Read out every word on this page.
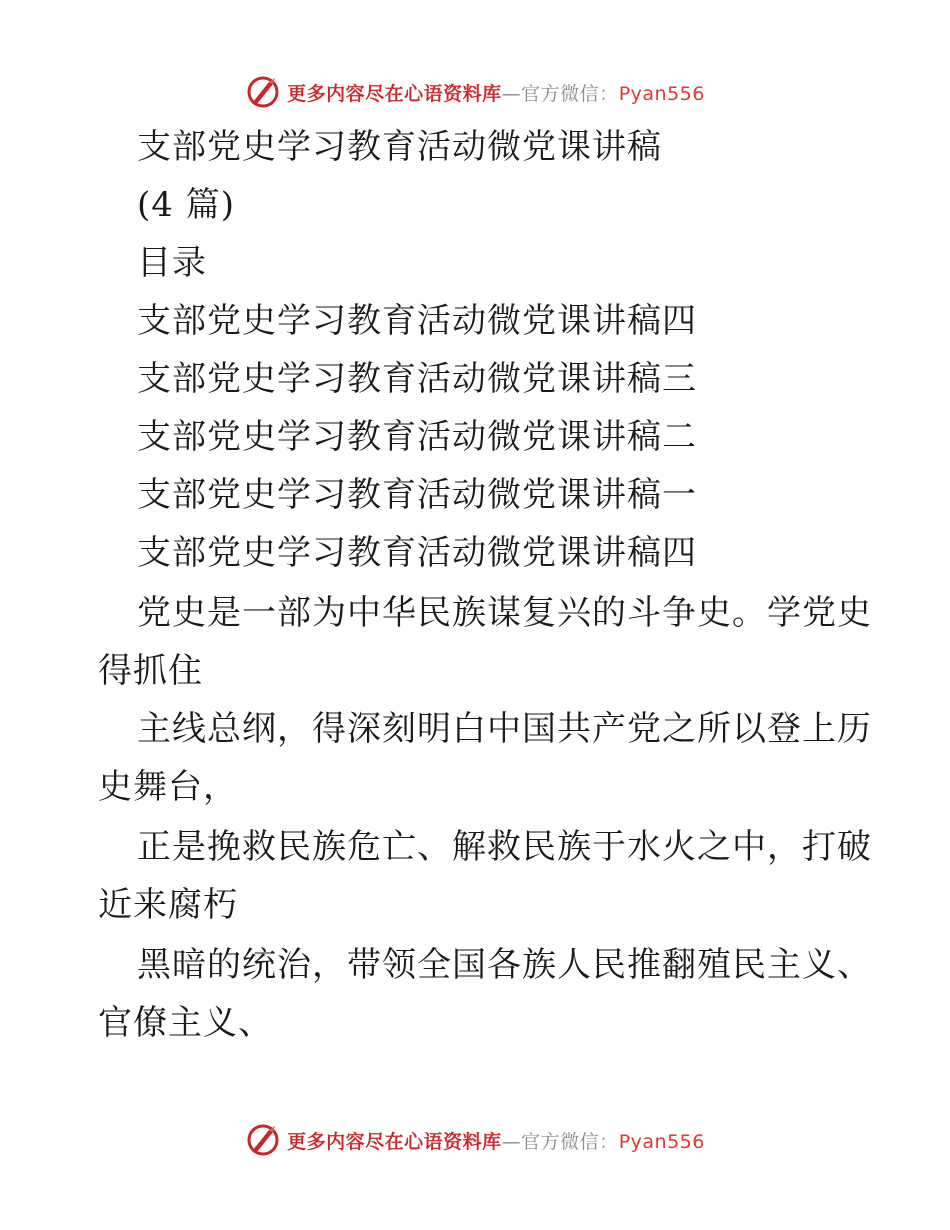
更多内容尽在心语资料库—官方微信：Pyan556
支部党史学习教育活动微党课讲稿
(4 篇)
目录
支部党史学习教育活动微党课讲稿四
支部党史学习教育活动微党课讲稿三
支部党史学习教育活动微党课讲稿二
支部党史学习教育活动微党课讲稿一
支部党史学习教育活动微党课讲稿四
党史是一部为中华民族谋复兴的斗争史。学党史
得抓住
主线总纲，得深刻明白中国共产党之所以登上历
史舞台，
正是挽救民族危亡、解救民族于水火之中，打破
近来腐朽
黑暗的统治，带领全国各族人民推翻殖民主义、
官僚主义、
更多内容尽在心语资料库—官方微信：Pyan556
